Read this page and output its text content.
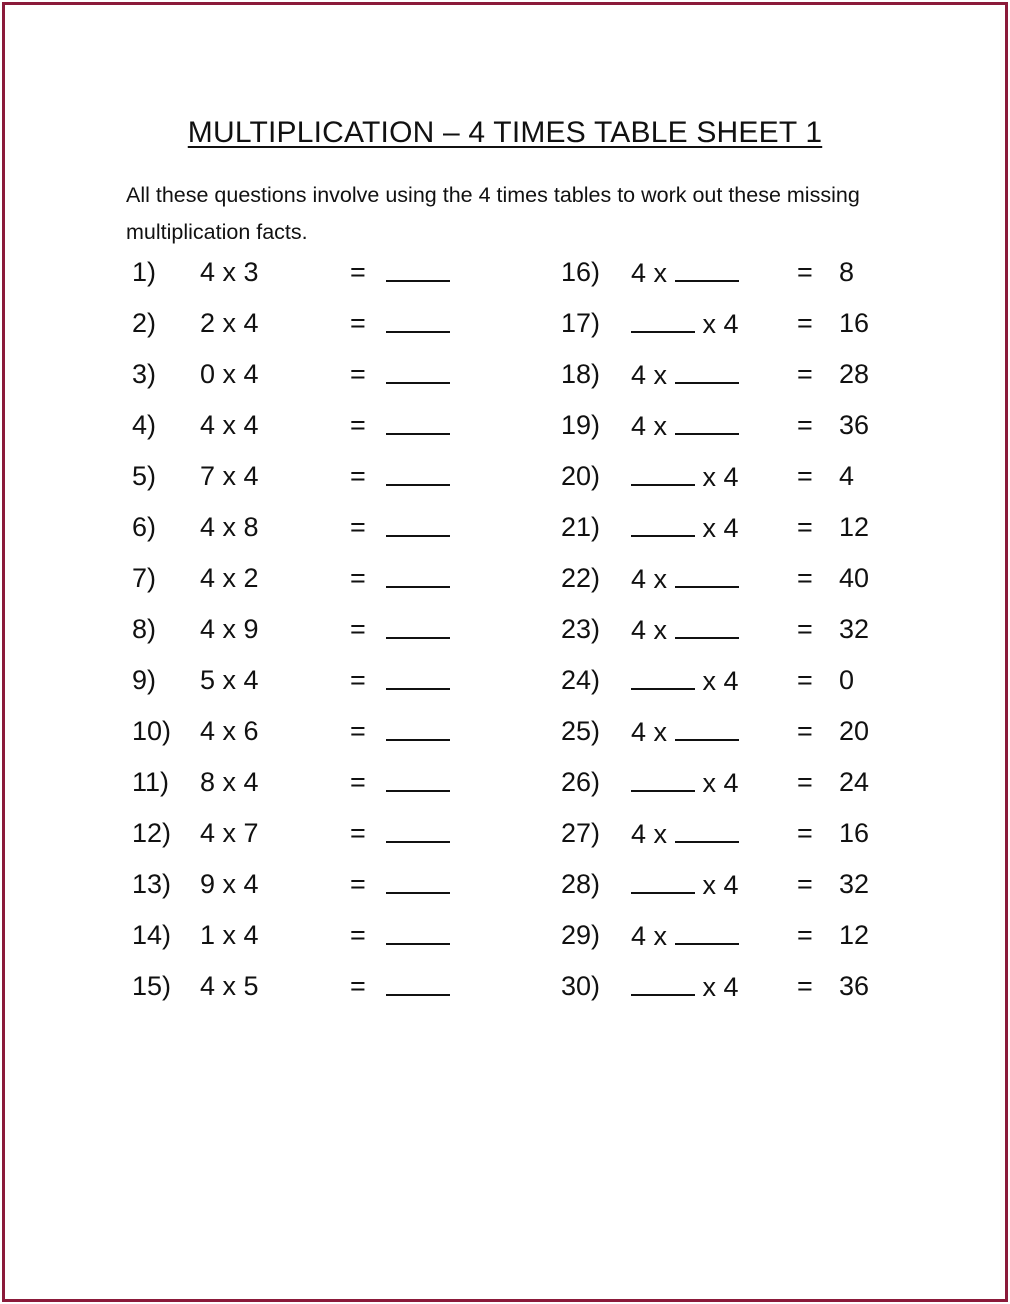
MULTIPLICATION – 4 TIMES TABLE SHEET 1
All these questions involve using the 4 times tables to work out these missing multiplication facts.
1) 4 x 3	=
2) 2 x 4	=
3) 0 x 4	=
4) 4 x 4	=
5) 7 x 4	=
6) 4 x 8	=
7) 4 x 2	=
8) 4 x 9	=
9) 5 x 4	=
10) 4 x 6	=
11) 8 x 4	=
12) 4 x 7	=
13) 9 x 4	=
14) 1 x 4	=
15) 4 x 5	=
16) 4 x	= 8
17)	x 4 = 16
18) 4 x	= 28
19) 4 x	= 36
20)	x 4 = 4
21)	x 4 = 12
22) 4 x	= 40
23) 4 x	= 32
24)	x 4 = 0
25) 4 x	= 20
26)	x 4 = 24
27) 4 x	= 16
28)	x 4 = 32
29) 4 x	= 12
30)	x 4 = 36
